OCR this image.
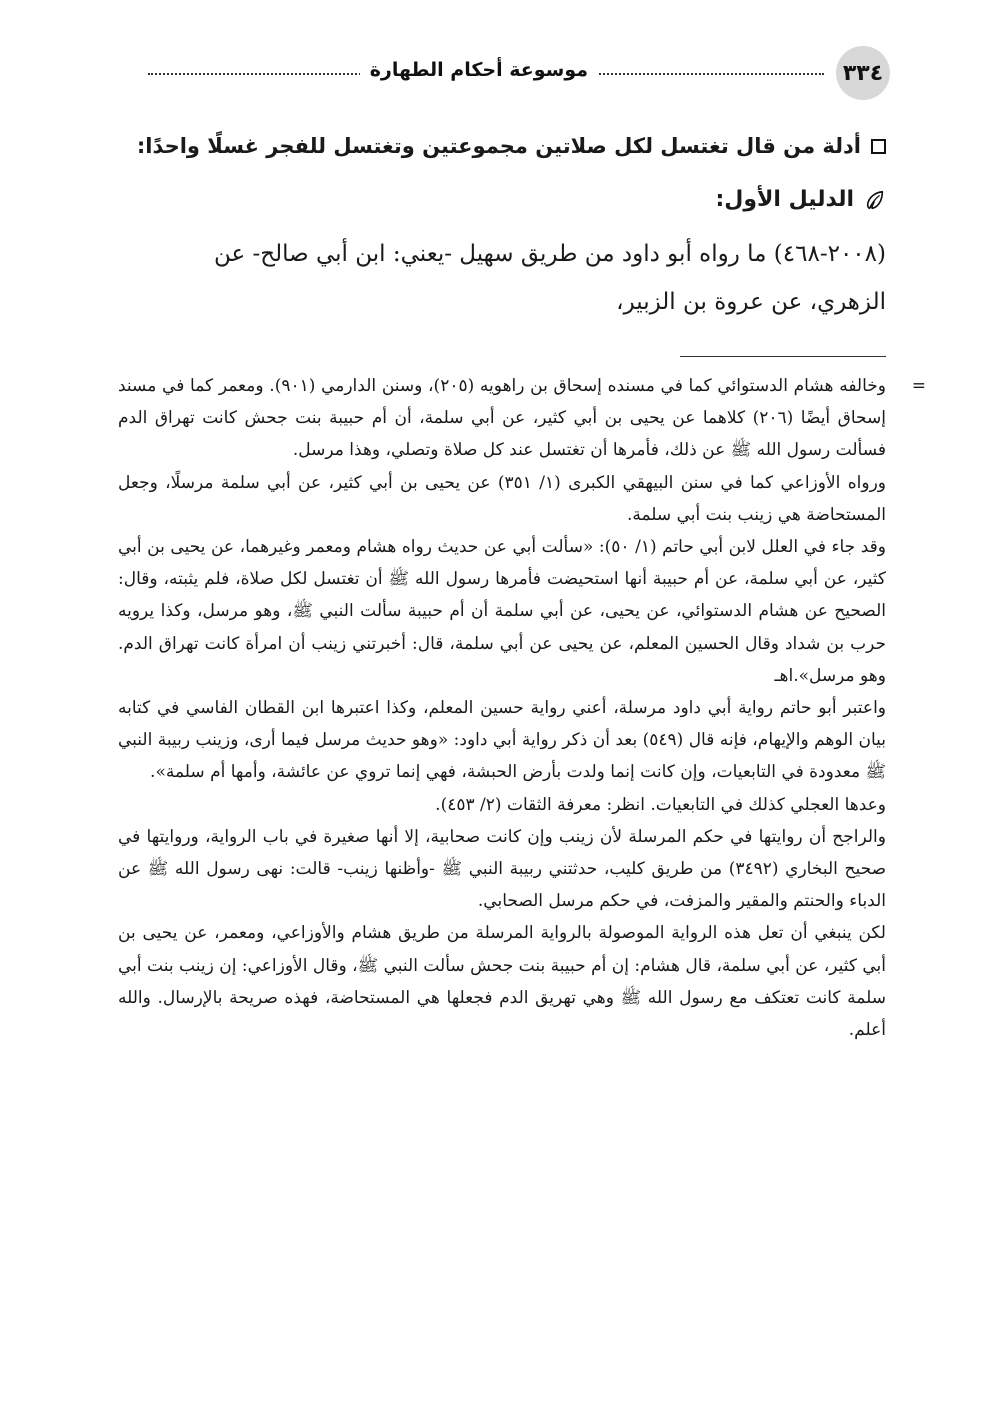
موسوعة أحكام الطهارة	٣٣٤
أدلة من قال تغتسل لكل صلاتين مجموعتين وتغتسل للفجر غسلًا واحدًا:
الدليل الأول:

(٢٠٠٨-٤٦٨) ما رواه أبو داود من طريق سهيل -يعني: ابن أبي صالح- عن

الزهري، عن عروة بن الزبير،

=

وخالفه هشام الدستوائي كما في مسنده إسحاق بن راهويه (٢٠٥)، وسنن الدارمي (٩٠١). ومعمر كما في مسند إسحاق أيضًا (٢٠٦) كلاهما عن يحيى بن أبي كثير، عن أبي سلمة، أن أم حبيبة بنت جحش كانت تهراق الدم فسألت رسول الله ﷺ عن ذلك، فأمرها أن تغتسل عند كل صلاة وتصلي، وهذا مرسل.

ورواه الأوزاعي كما في سنن البيهقي الكبرى (١/ ٣٥١) عن يحيى بن أبي كثير، عن أبي سلمة مرسلًا، وجعل المستحاضة هي زينب بنت أبي سلمة.

وقد جاء في العلل لابن أبي حاتم (١/ ٥٠): «سألت أبي عن حديث رواه هشام ومعمر وغيرهما، عن يحيى بن أبي كثير، عن أبي سلمة، عن أم حبيبة أنها استحيضت فأمرها رسول الله ﷺ أن تغتسل لكل صلاة، فلم يثبته، وقال: الصحيح عن هشام الدستوائي، عن يحيى، عن أبي سلمة أن أم حبيبة سألت النبي ﷺ، وهو مرسل، وكذا يرويه حرب بن شداد وقال الحسين المعلم، عن يحيى عن أبي سلمة، قال: أخبرتني زينب أن امرأة كانت تهراق الدم. وهو مرسل».اهـ

واعتبر أبو حاتم رواية أبي داود مرسلة، أعني رواية حسين المعلم، وكذا اعتبرها ابن القطان الفاسي في كتابه بيان الوهم والإيهام، فإنه قال (٥٤٩) بعد أن ذكر رواية أبي داود: «وهو حديث مرسل فيما أرى، وزينب ربيبة النبي ﷺ معدودة في التابعيات، وإن كانت إنما ولدت بأرض الحبشة، فهي إنما تروي عن عائشة، وأمها أم سلمة».

وعدها العجلي كذلك في التابعيات. انظر: معرفة الثقات (٢/ ٤٥٣).

والراجح أن روايتها في حكم المرسلة لأن زينب وإن كانت صحابية، إلا أنها صغيرة في باب الرواية، وروايتها في صحيح البخاري (٣٤٩٢) من طريق كليب، حدثتني ربيبة النبي ﷺ -وأظنها زينب- قالت: نهى رسول الله ﷺ عن الدباء والحنتم والمقير والمزفت، في حكم مرسل الصحابي.

لكن ينبغي أن تعل هذه الرواية الموصولة بالرواية المرسلة من طريق هشام والأوزاعي، ومعمر، عن يحيى بن أبي كثير، عن أبي سلمة، قال هشام: إن أم حبيبة بنت جحش سألت النبي ﷺ، وقال الأوزاعي: إن زينب بنت أبي سلمة كانت تعتكف مع رسول الله ﷺ وهي تهريق الدم فجعلها هي المستحاضة، فهذه صريحة بالإرسال. والله أعلم.
